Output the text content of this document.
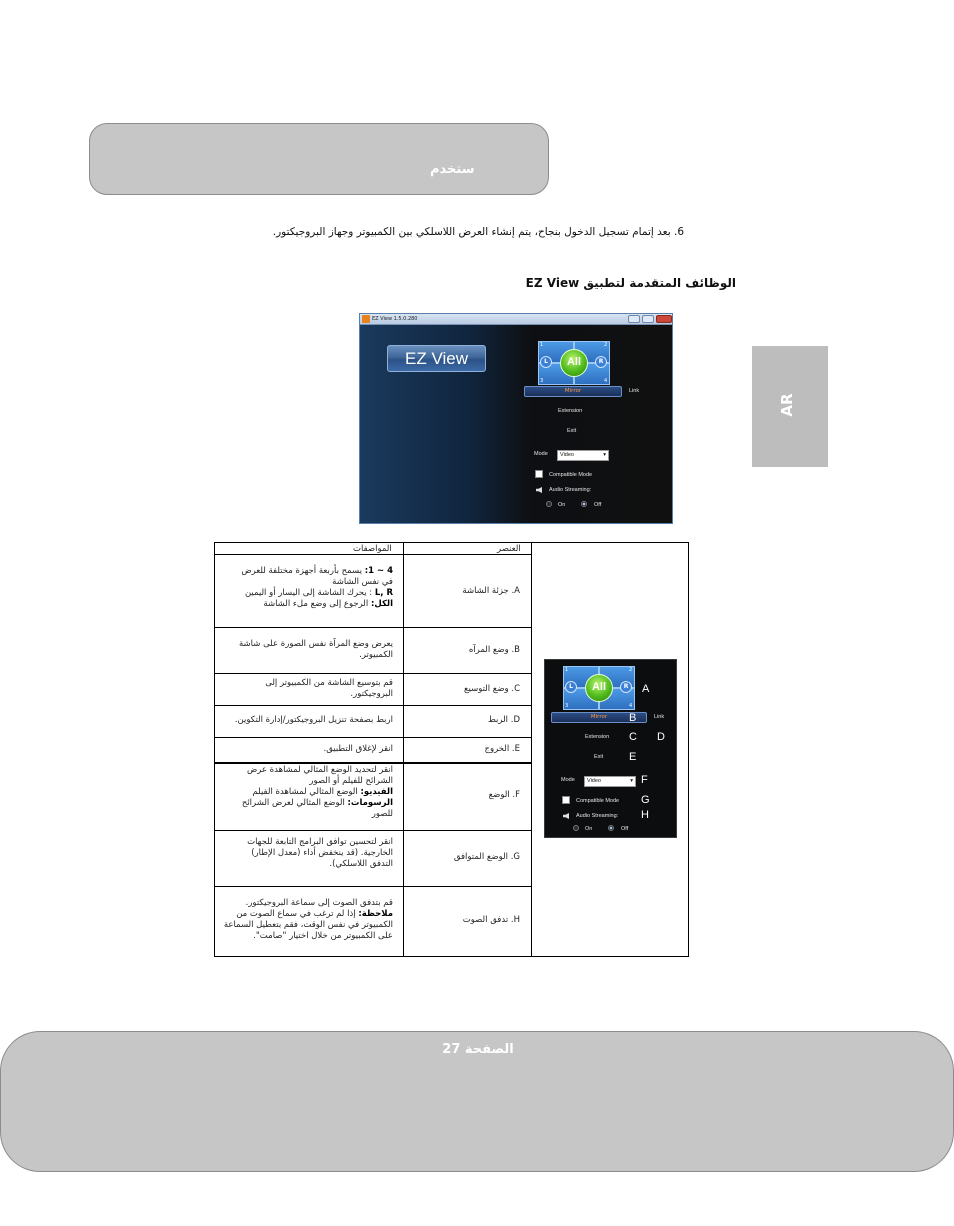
ستخدم
6. بعد إتمام تسجيل الدخول بنجاح، يتم إنشاء العرض اللاسلكي بين الكمبيوتر وجهاز البروجيكتور.
الوظائف المتقدمة لتطبيق EZ View
AR
EZ View 1.5.0.280
EZ View
1	2
3	4
L	R
All
Mirror	Link
Extension
Exit
Mode	Video	▾
Compatible Mode
Audio Streaming:
On	Off
المواصفات	العنصر
4 ~ 1: يسمح بأربعة أجهزة مختلفة للعرض
في نفس الشاشة
L, R : يحرك الشاشة إلى اليسار أو اليمين
الكل: الرجوع إلى وضع ملء الشاشة
A. جزئة الشاشة
يعرض وضع المرآة نفس الصورة على شاشة
الكمبيوتر.	B. وضع المرآه
قم بتوسيع الشاشة من الكمبيوتر إلى
البروجيكتور.	C. وضع التوسيع
اربط بصفحة تنزيل البروجيكتور/إدارة التكوين.	D. الربط
انقر لإغلاق التطبيق.	E. الخروج
انقر لتحديد الوضع المثالي لمشاهدة عرض
الشرائح للفيلم أو الصور
الفيديو: الوضع المثالي لمشاهدة الفيلم
الرسومات: الوضع المثالي لعرض الشرائح
للصور
F. الوضع
انقر لتحسين توافق البرامج التابعة للجهات
الخارجية. (قد ينخفض أداء (معدل الإطار)
التدفق اللاسلكي).
G. الوضع المتوافق
قم بتدفق الصوت إلى سماعة البروجيكتور.
ملاحظة: إذا لم ترغب في سماع الصوت من
الكمبيوتر في نفس الوقت، فقم بتعطيل السماعة
على الكمبيوتر من خلال اختيار "صامت".
H. تدفق الصوت
1	2
3	4
L	R
All
Mirror	Link
Extension
Exit
Mode	Video	▾
Compatible Mode
Audio Streaming:
On	Off
A
B
C D
E
F
G
H
الصفحة 27
